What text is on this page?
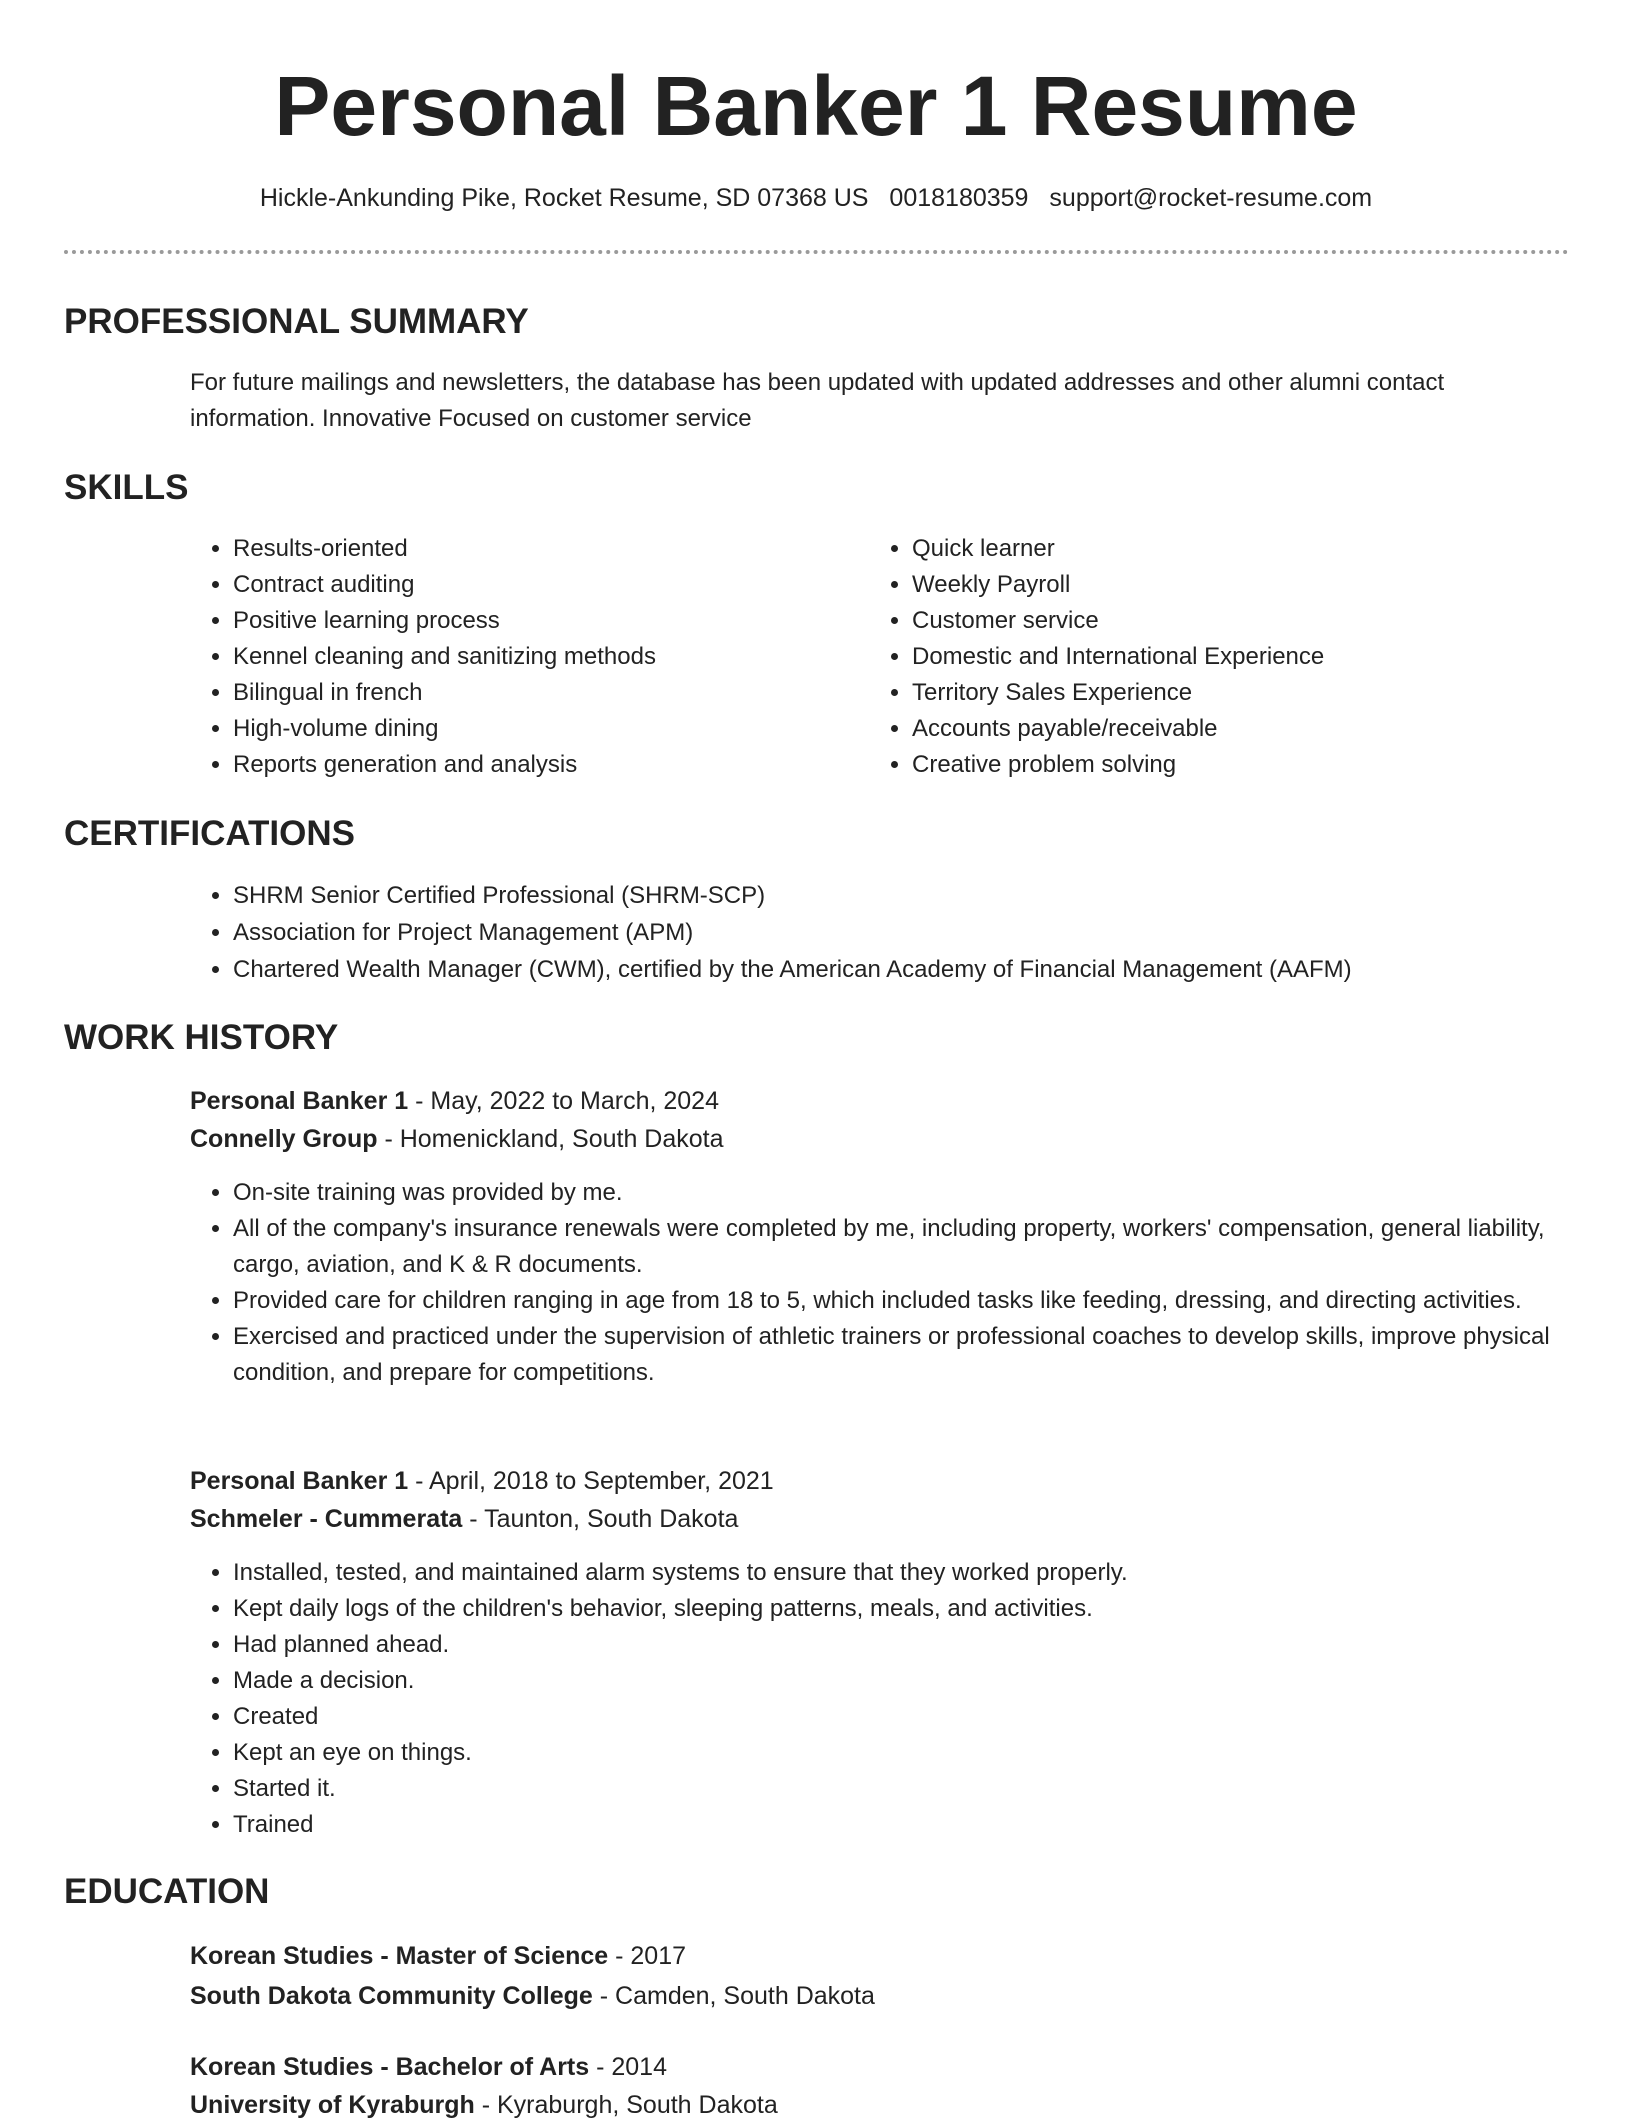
Personal Banker 1 Resume
Hickle-Ankunding Pike, Rocket Resume, SD 07368 US 0018180359 support@rocket-resume.com
PROFESSIONAL SUMMARY

For future mailings and newsletters, the database has been updated with updated addresses and other alumni contact information. Innovative Focused on customer service

SKILLS
• Results-oriented
• Contract auditing
• Positive learning process
• Kennel cleaning and sanitizing methods
• Bilingual in french
• High-volume dining
• Reports generation and analysis
• Quick learner
• Weekly Payroll
• Customer service
• Domestic and International Experience
• Territory Sales Experience
• Accounts payable/receivable
• Creative problem solving
CERTIFICATIONS
• SHRM Senior Certified Professional (SHRM-SCP)
• Association for Project Management (APM)
• Chartered Wealth Manager (CWM), certified by the American Academy of Financial Management (AAFM)
WORK HISTORY
Personal Banker 1 - May, 2022 to March, 2024
Connelly Group - Homenickland, South Dakota
• On-site training was provided by me.
• All of the company's insurance renewals were completed by me, including property, workers' compensation, general liability, cargo, aviation, and K & R documents.
• Provided care for children ranging in age from 18 to 5, which included tasks like feeding, dressing, and directing activities.
• Exercised and practiced under the supervision of athletic trainers or professional coaches to develop skills, improve physical condition, and prepare for competitions.
Personal Banker 1 - April, 2018 to September, 2021
Schmeler - Cummerata - Taunton, South Dakota
• Installed, tested, and maintained alarm systems to ensure that they worked properly.
• Kept daily logs of the children's behavior, sleeping patterns, meals, and activities.
• Had planned ahead.
• Made a decision.
• Created
• Kept an eye on things.
• Started it.
• Trained
EDUCATION
Korean Studies - Master of Science - 2017
South Dakota Community College - Camden, South Dakota
Korean Studies - Bachelor of Arts - 2014
University of Kyraburgh - Kyraburgh, South Dakota
